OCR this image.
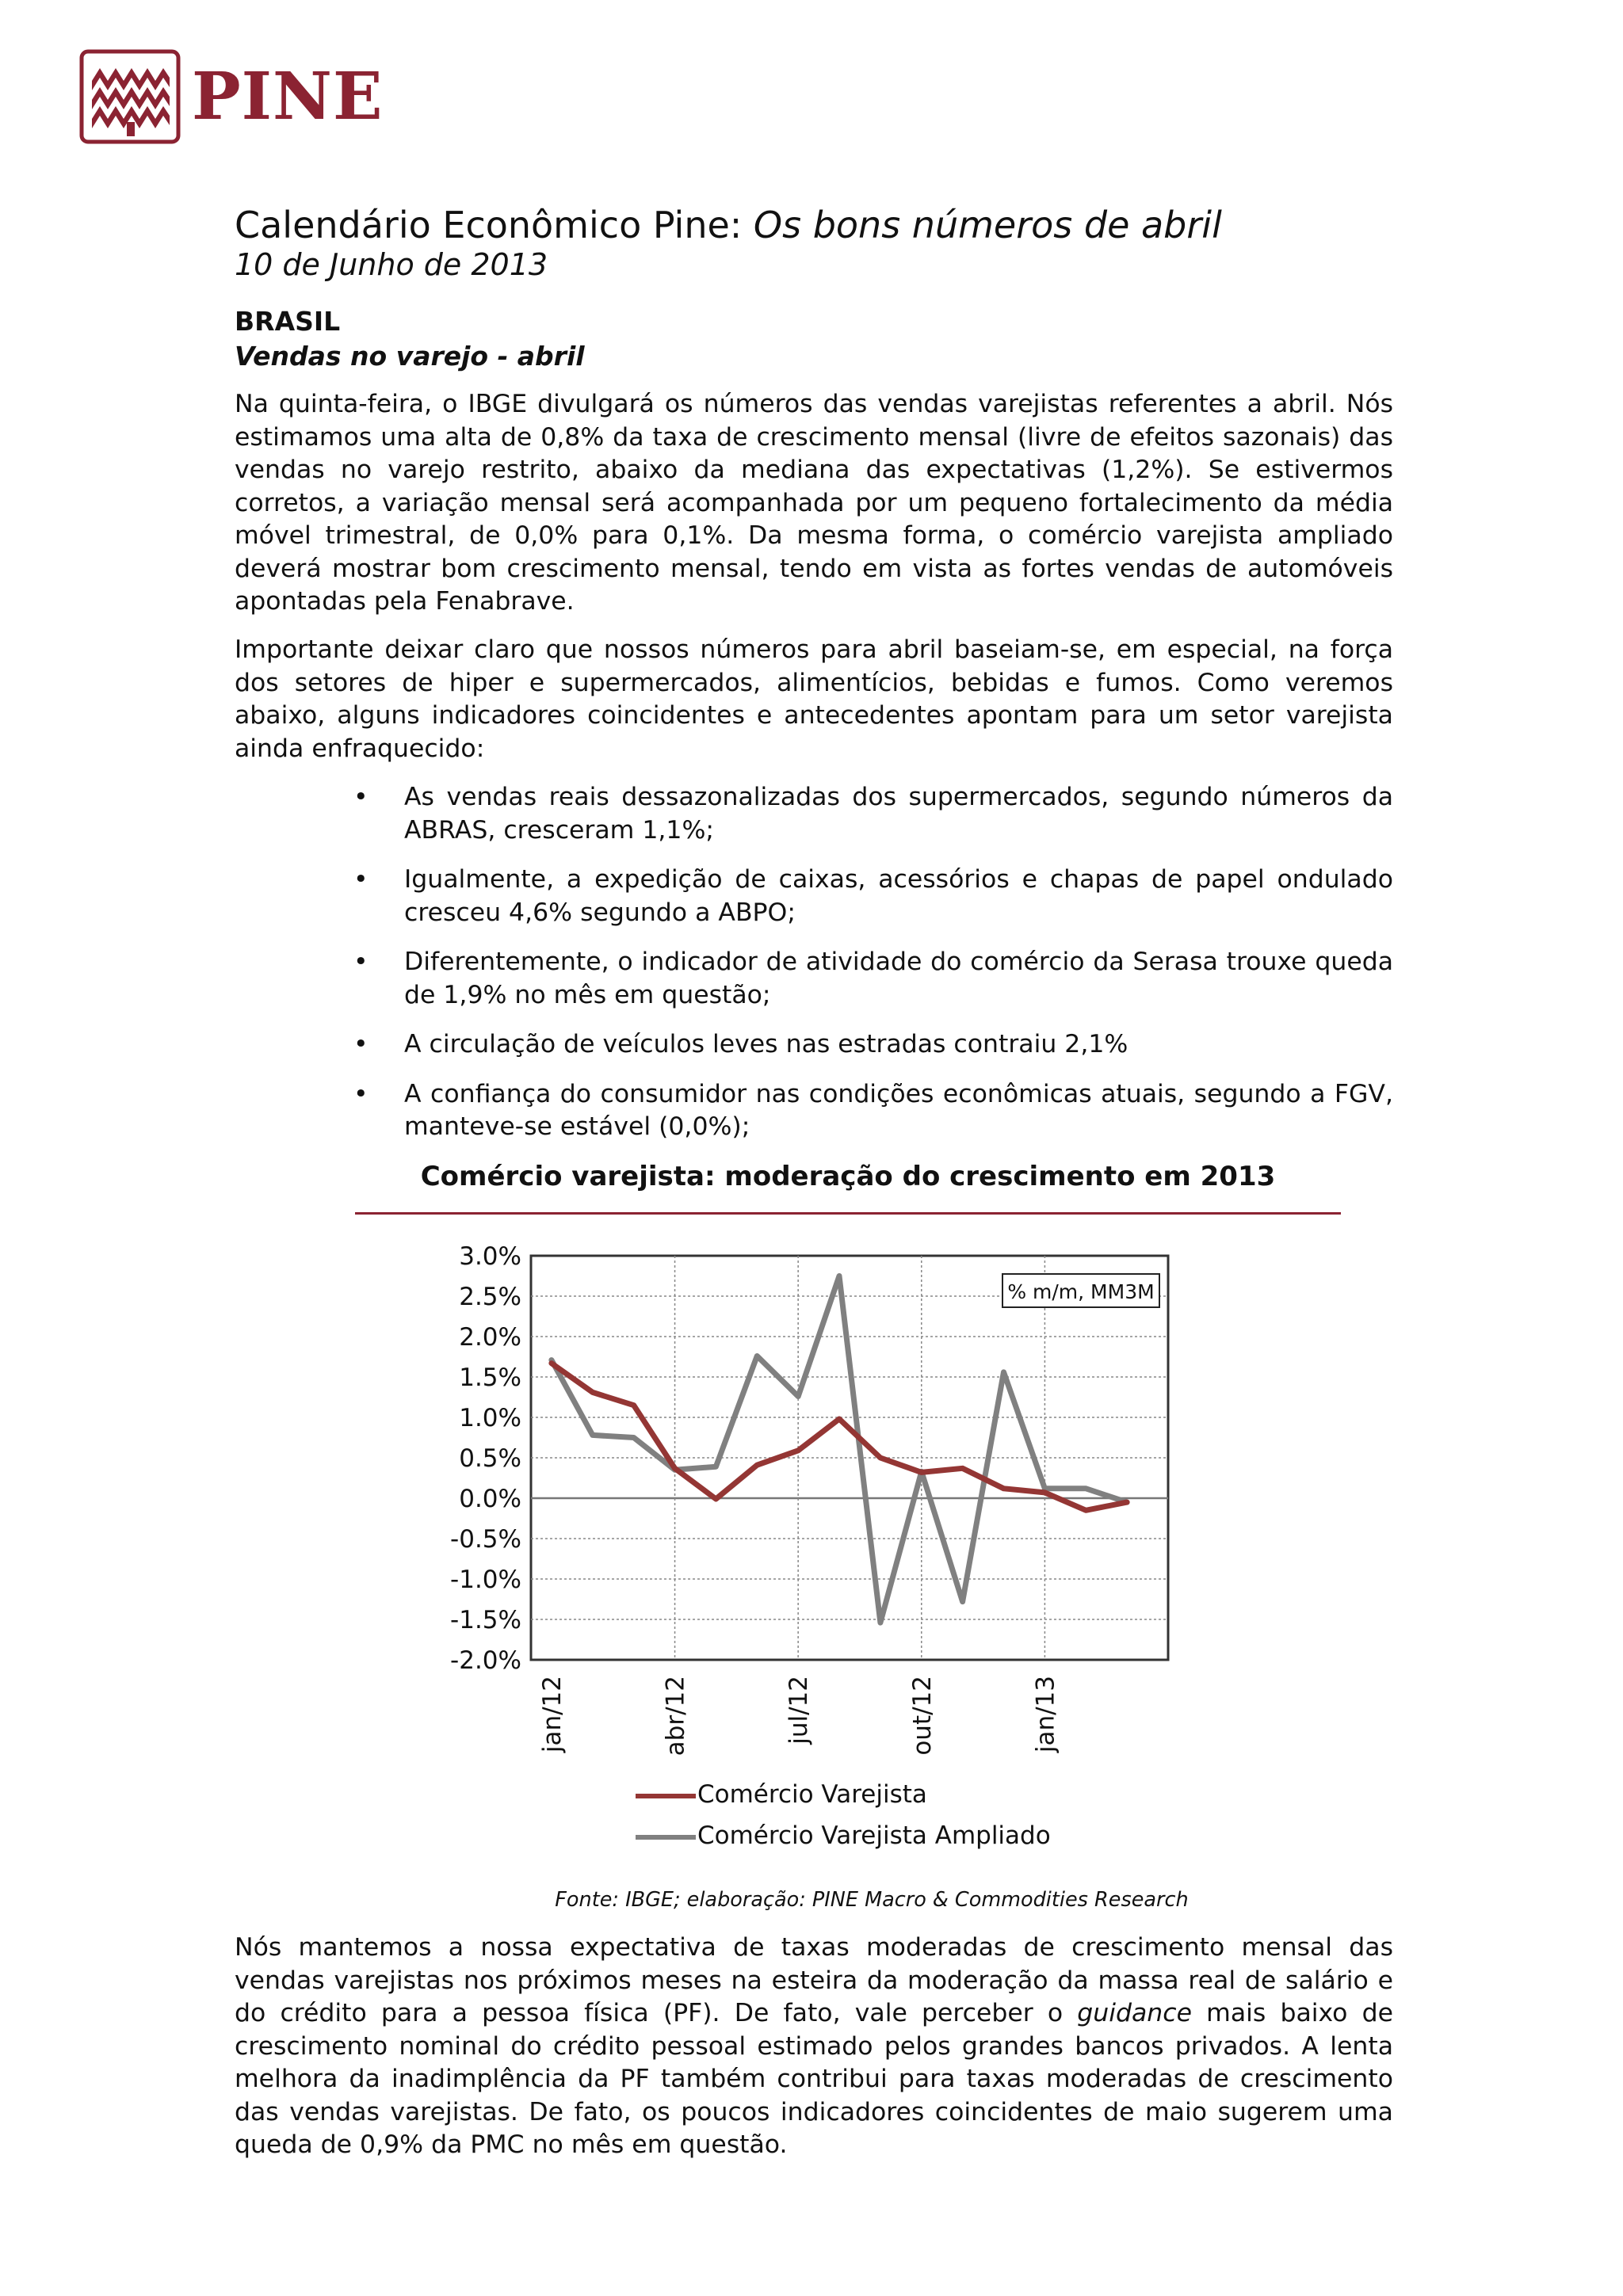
PINE
Calendário Econômico Pine: Os bons números de abril
10 de Junho de 2013
BRASIL
Vendas no varejo - abril

Na quinta-feira, o IBGE divulgará os números das vendas varejistas referentes a abril. Nós estimamos uma alta de 0,8% da taxa de crescimento mensal (livre de efeitos sazonais) das vendas no varejo restrito, abaixo da mediana das expectativas (1,2%). Se estivermos corretos, a variação mensal será acompanhada por um pequeno fortalecimento da média móvel trimestral, de 0,0% para 0,1%. Da mesma forma, o comércio varejista ampliado deverá mostrar bom crescimento mensal, tendo em vista as fortes vendas de automóveis apontadas pela Fenabrave.

Importante deixar claro que nossos números para abril baseiam-se, em especial, na força dos setores de hiper e supermercados, alimentícios, bebidas e fumos. Como veremos abaixo, alguns indicadores coincidentes e antecedentes apontam para um setor varejista ainda enfraquecido:

• As vendas reais dessazonalizadas dos supermercados, segundo números da ABRAS, cresceram 1,1%;
• Igualmente, a expedição de caixas, acessórios e chapas de papel ondulado cresceu 4,6% segundo a ABPO;
• Diferentemente, o indicador de atividade do comércio da Serasa trouxe queda de 1,9% no mês em questão;
• A circulação de veículos leves nas estradas contraiu 2,1%
• A confiança do consumidor nas condições econômicas atuais, segundo a FGV, manteve-se estável (0,0%);
Comércio varejista: moderação do crescimento em 2013
3.0%
2.5%
2.0%
1.5%
1.0%
0.5%
0.0%
-0.5%
-1.0%
-1.5%
-2.0%
jan/12	abr/12	jul/12	out/12	jan/13
% m/m, MM3M
Comércio Varejista
Comércio Varejista Ampliado
Fonte: IBGE; elaboração: PINE Macro & Commodities Research

Nós mantemos a nossa expectativa de taxas moderadas de crescimento mensal das vendas varejistas nos próximos meses na esteira da moderação da massa real de salário e do crédito para a pessoa física (PF). De fato, vale perceber o guidance mais baixo de crescimento nominal do crédito pessoal estimado pelos grandes bancos privados. A lenta melhora da inadimplência da PF também contribui para taxas moderadas de crescimento das vendas varejistas. De fato, os poucos indicadores coincidentes de maio sugerem uma queda de 0,9% da PMC no mês em questão.
